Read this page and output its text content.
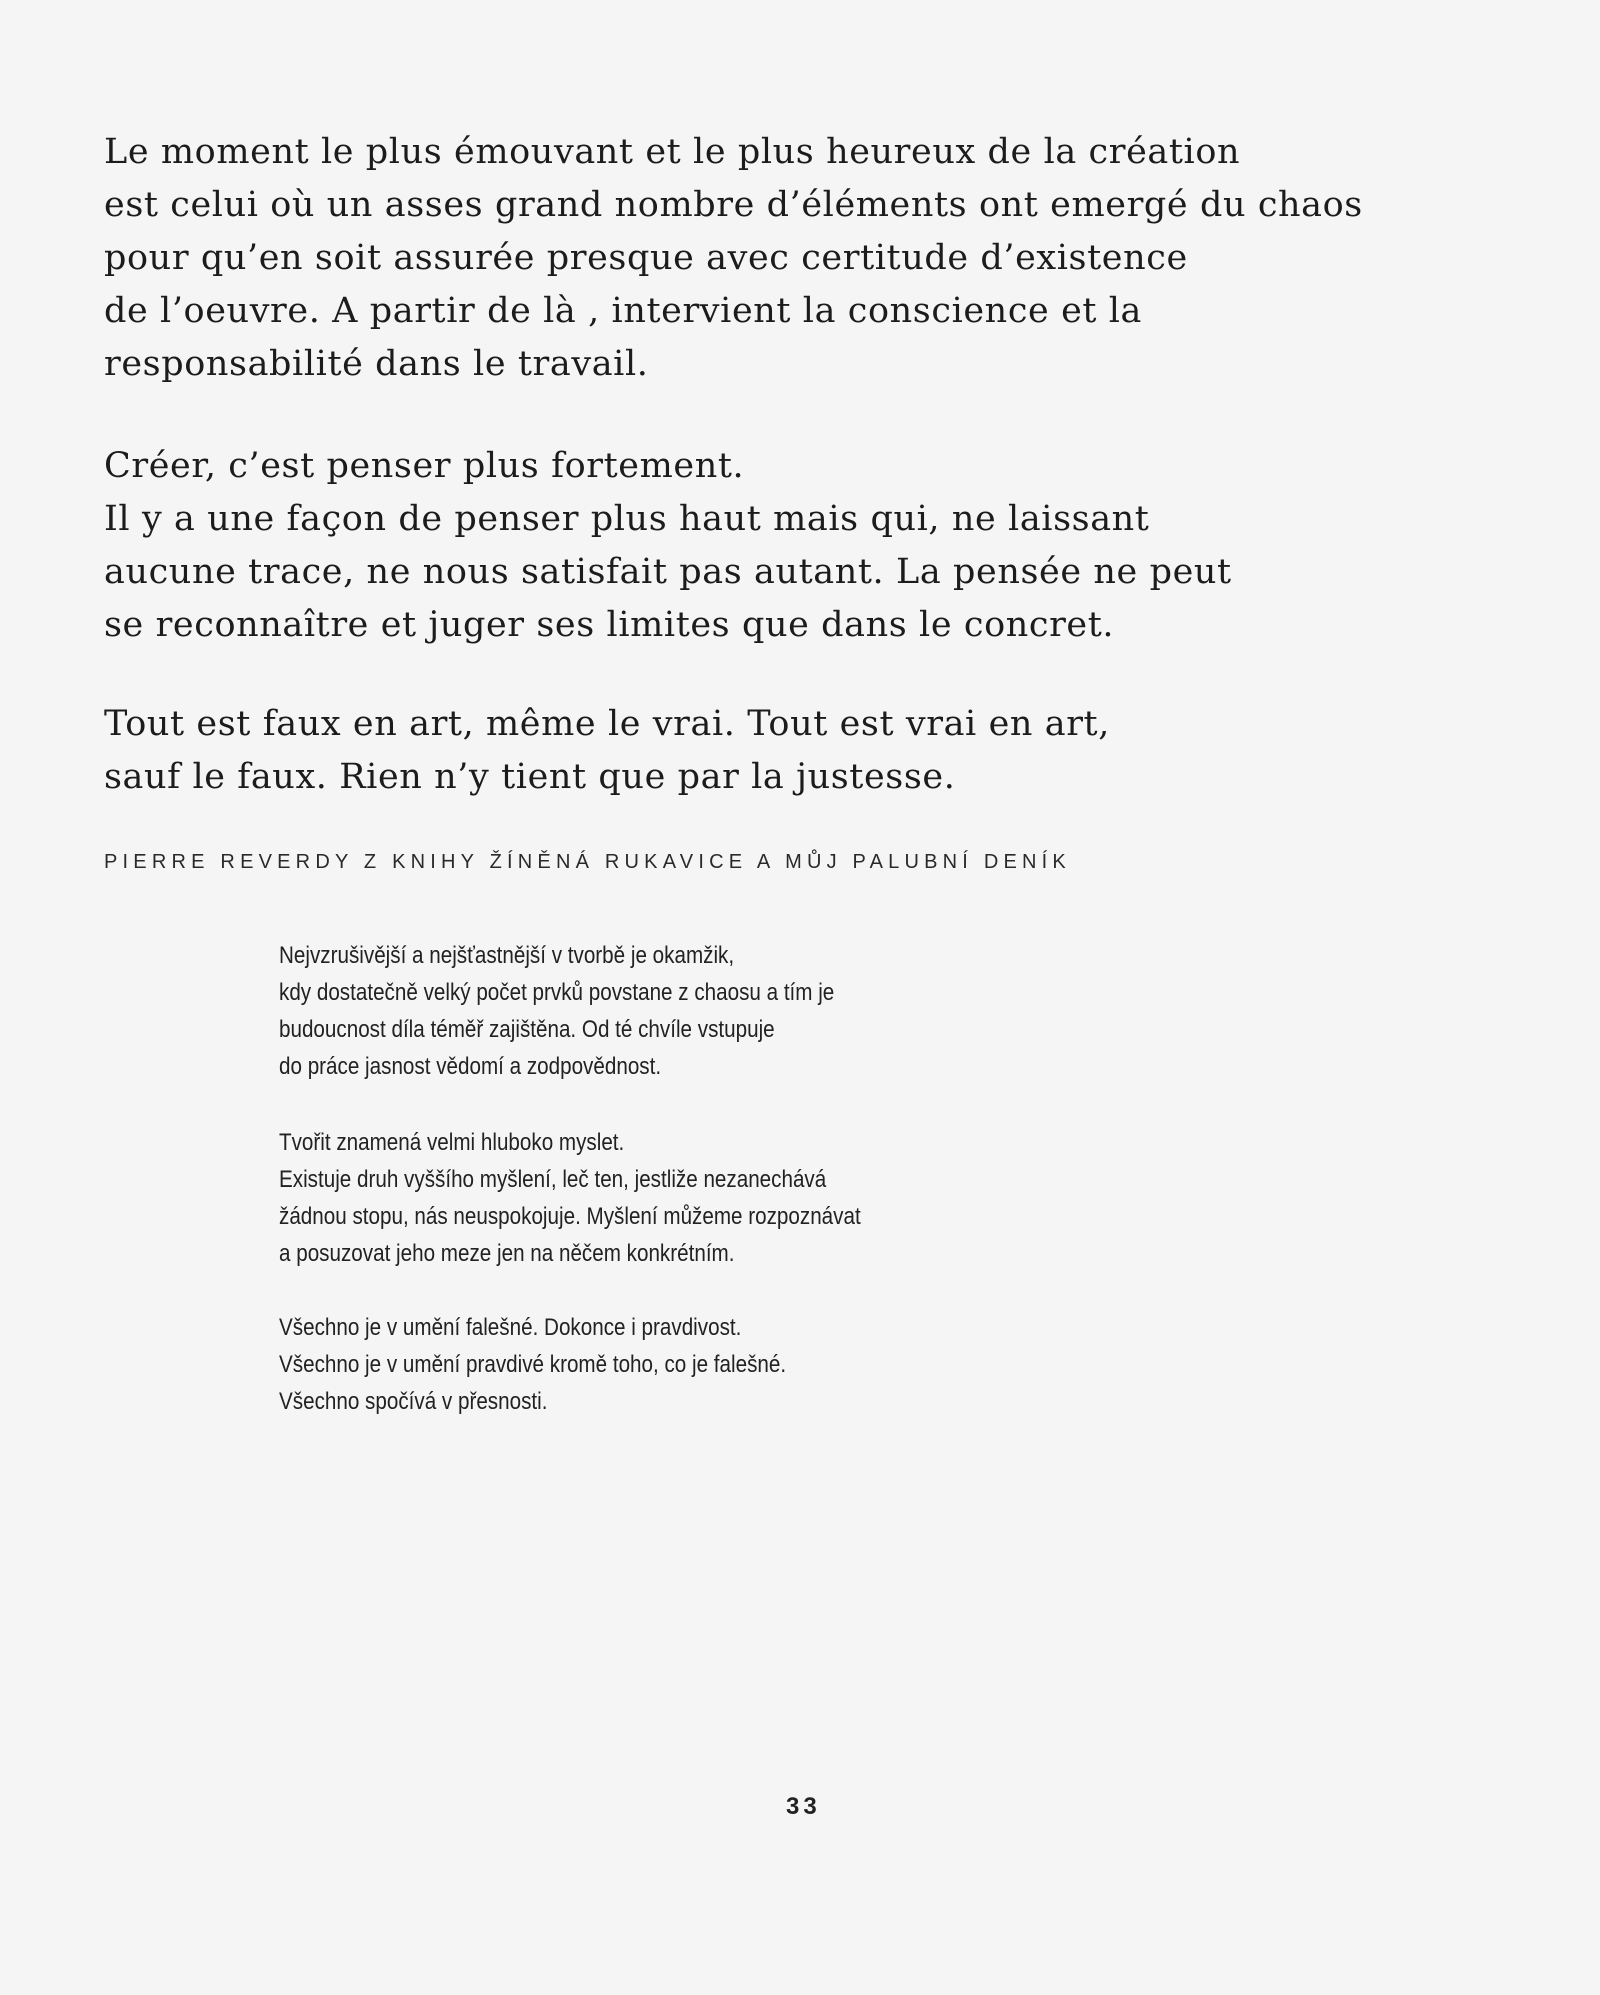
Le moment le plus émouvant et le plus heureux de la création
est celui où un asses grand nombre d’éléments ont emergé du chaos
pour qu’en soit assurée presque avec certitude d’existence
de l’oeuvre. A partir de là , intervient la conscience et la
responsabilité dans le travail.
Créer, c’est penser plus fortement.
Il y a une façon de penser plus haut mais qui, ne laissant
aucune trace, ne nous satisfait pas autant. La pensée ne peut
se reconnaître et juger ses limites que dans le concret.
Tout est faux en art, même le vrai. Tout est vrai en art,
sauf le faux. Rien n’y tient que par la justesse.
PIERRE REVERDY Z KNIHY ŽÍNĚNÁ RUKAVICE A MŮJ PALUBNÍ DENÍK
Nejvzrušivější a nejšťastnější v tvorbě je okamžik,
kdy dostatečně velký počet prvků povstane z chaosu a tím je
budoucnost díla téměř zajištěna. Od té chvíle vstupuje
do práce jasnost vědomí a zodpovědnost.
Tvořit znamená velmi hluboko myslet.
Existuje druh vyššího myšlení, leč ten, jestliže nezanechává
žádnou stopu, nás neuspokojuje. Myšlení můžeme rozpoznávat
a posuzovat jeho meze jen na něčem konkrétním.
Všechno je v umění falešné. Dokonce i pravdivost.
Všechno je v umění pravdivé kromě toho, co je falešné.
Všechno spočívá v přesnosti.
33
